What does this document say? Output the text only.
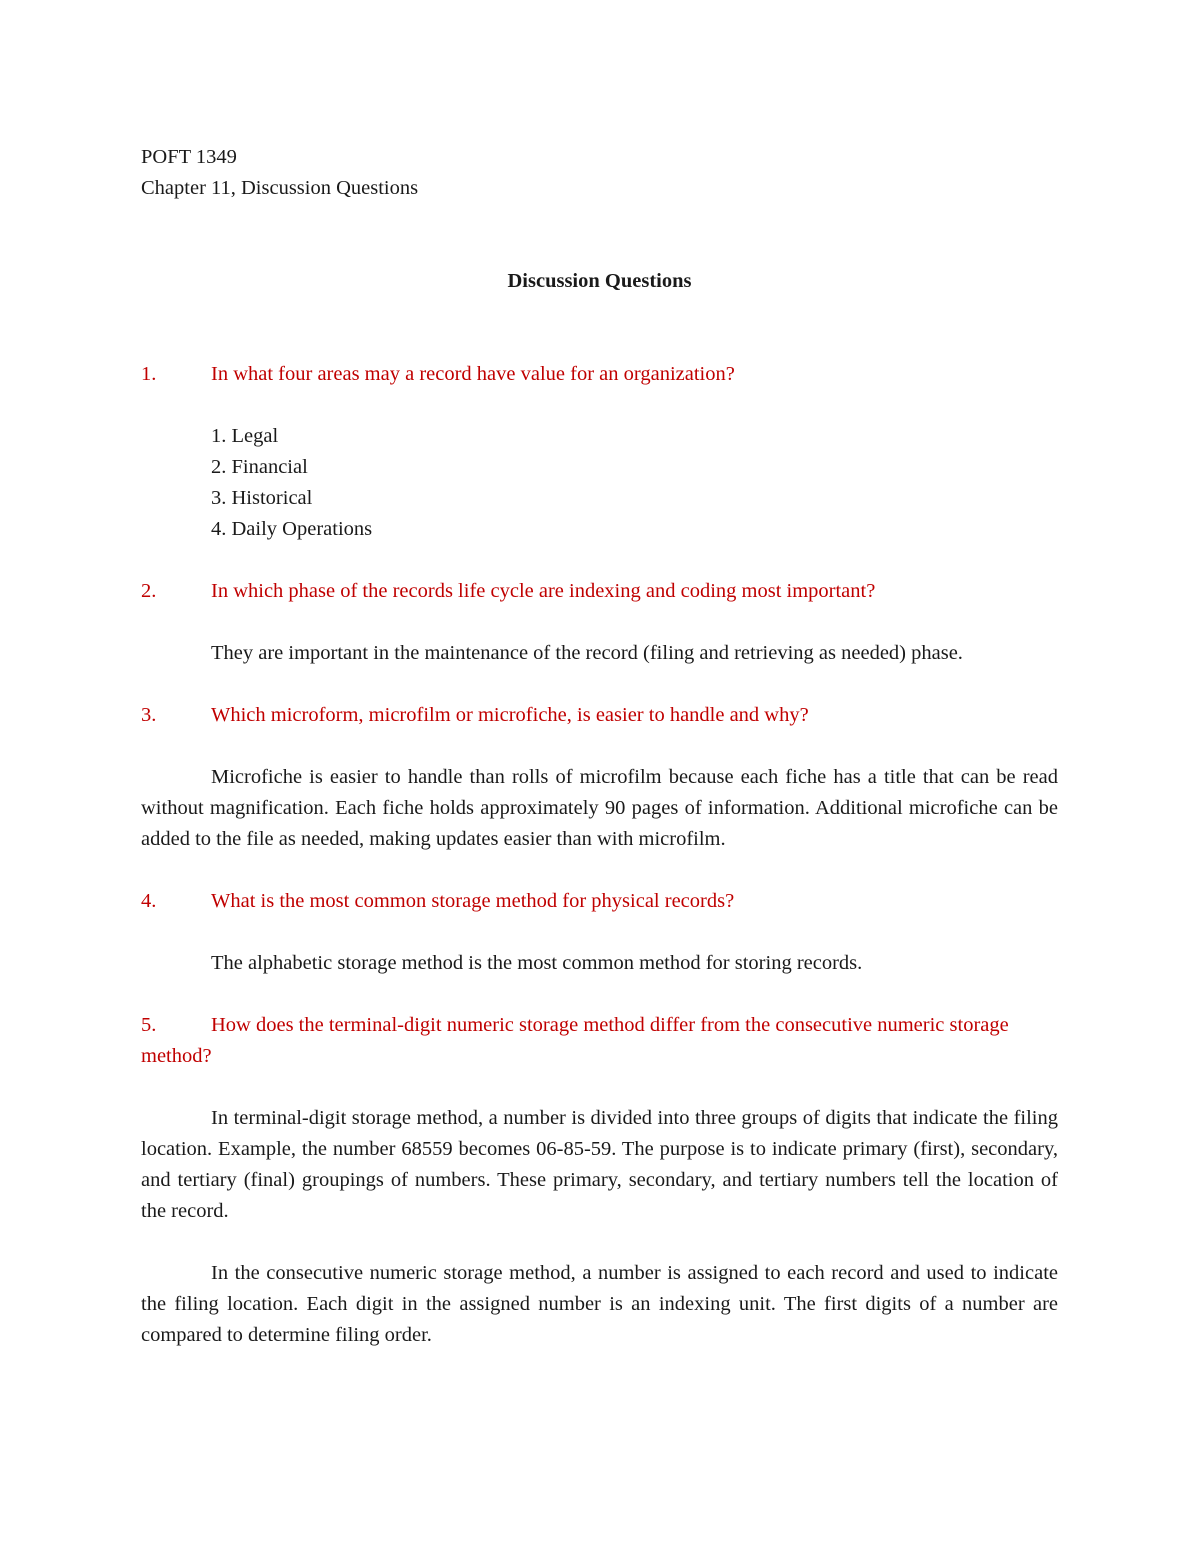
POFT 1349

Chapter 11, Discussion Questions

Discussion Questions

1.	In what four areas may a record have value for an organization?

1. Legal
2. Financial
3. Historical
4. Daily Operations

2.	In which phase of the records life cycle are indexing and coding most important?

They are important in the maintenance of the record (filing and retrieving as needed) phase.

3.	Which microform, microfilm or microfiche, is easier to handle and why?

Microfiche is easier to handle than rolls of microfilm because each fiche has a title that can be read without magnification. Each fiche holds approximately 90 pages of information. Additional microfiche can be added to the file as needed, making updates easier than with microfilm.

4.	What is the most common storage method for physical records?

The alphabetic storage method is the most common method for storing records.

5.	How does the terminal-digit numeric storage method differ from the consecutive numeric storage method?

In terminal-digit storage method, a number is divided into three groups of digits that indicate the filing location. Example, the number 68559 becomes 06-85-59. The purpose is to indicate primary (first), secondary, and tertiary (final) groupings of numbers. These primary, secondary, and tertiary numbers tell the location of the record.

In the consecutive numeric storage method, a number is assigned to each record and used to indicate the filing location. Each digit in the assigned number is an indexing unit. The first digits of a number are compared to determine filing order.
